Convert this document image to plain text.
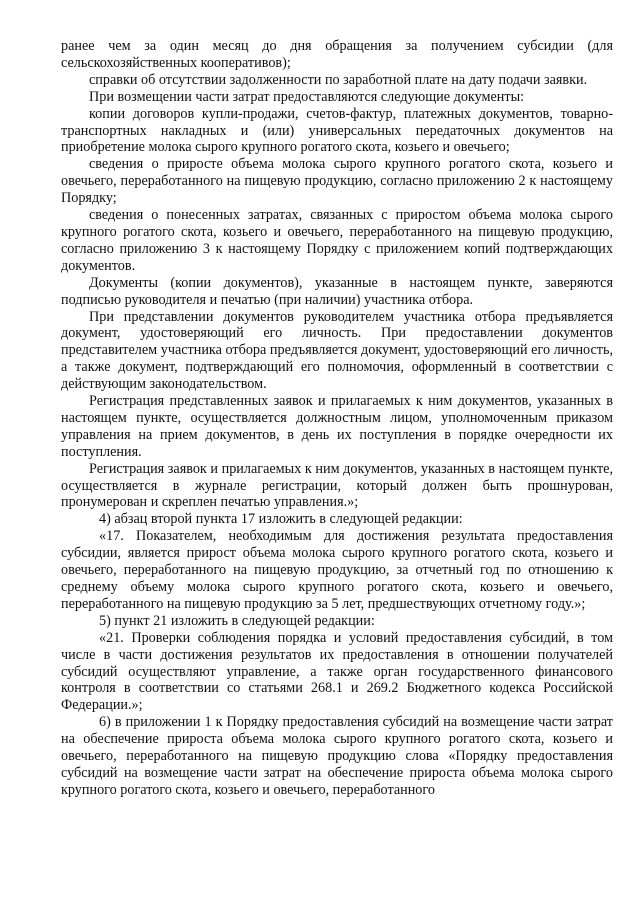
ранее чем за один месяц до дня обращения за получением субсидии (для сельскохозяйственных кооперативов);

справки об отсутствии задолженности по заработной плате на дату подачи заявки.

При возмещении части затрат предоставляются следующие документы:

копии договоров купли-продажи, счетов-фактур, платежных документов, товарно-транспортных накладных и (или) универсальных передаточных документов на приобретение молока сырого крупного рогатого скота, козьего и овечьего;

сведения о приросте объема молока сырого крупного рогатого скота, козьего и овечьего, переработанного на пищевую продукцию, согласно приложению 2 к настоящему Порядку;

сведения о понесенных затратах, связанных с приростом объема молока сырого крупного рогатого скота, козьего и овечьего, переработанного на пищевую продукцию, согласно приложению 3 к настоящему Порядку с приложением копий подтверждающих документов.

Документы (копии документов), указанные в настоящем пункте, заверяются подписью руководителя и печатью (при наличии) участника отбора.

При представлении документов руководителем участника отбора предъявляется документ, удостоверяющий его личность. При предоставлении документов представителем участника отбора предъявляется документ, удостоверяющий его личность, а также документ, подтверждающий его полномочия, оформленный в соответствии с действующим законодательством.

Регистрация представленных заявок и прилагаемых к ним документов, указанных в настоящем пункте, осуществляется должностным лицом, уполномоченным приказом управления на прием документов, в день их поступления в порядке очередности их поступления.

Регистрация заявок и прилагаемых к ним документов, указанных в настоящем пункте, осуществляется в журнале регистрации, который должен быть прошнурован, пронумерован и скреплен печатью управления.»;

4) абзац второй пункта 17 изложить в следующей редакции:

«17. Показателем, необходимым для достижения результата предоставления субсидии, является прирост объема молока сырого крупного рогатого скота, козьего и овечьего, переработанного на пищевую продукцию, за отчетный год по отношению к среднему объему молока сырого крупного рогатого скота, козьего и овечьего, переработанного на пищевую продукцию за 5 лет, предшествующих отчетному году.»;

5) пункт 21 изложить в следующей редакции:

«21. Проверки соблюдения порядка и условий предоставления субсидий, в том числе в части достижения результатов их предоставления в отношении получателей субсидий осуществляют управление, а также орган государственного финансового контроля в соответствии со статьями 268.1 и 269.2 Бюджетного кодекса Российской Федерации.»;

6) в приложении 1 к Порядку предоставления субсидий на возмещение части затрат на обеспечение прироста объема молока сырого крупного рогатого скота, козьего и овечьего, переработанного на пищевую продукцию слова «Порядку предоставления субсидий на возмещение части затрат на обеспечение прироста объема молока сырого крупного рогатого скота, козьего и овечьего, переработанного
